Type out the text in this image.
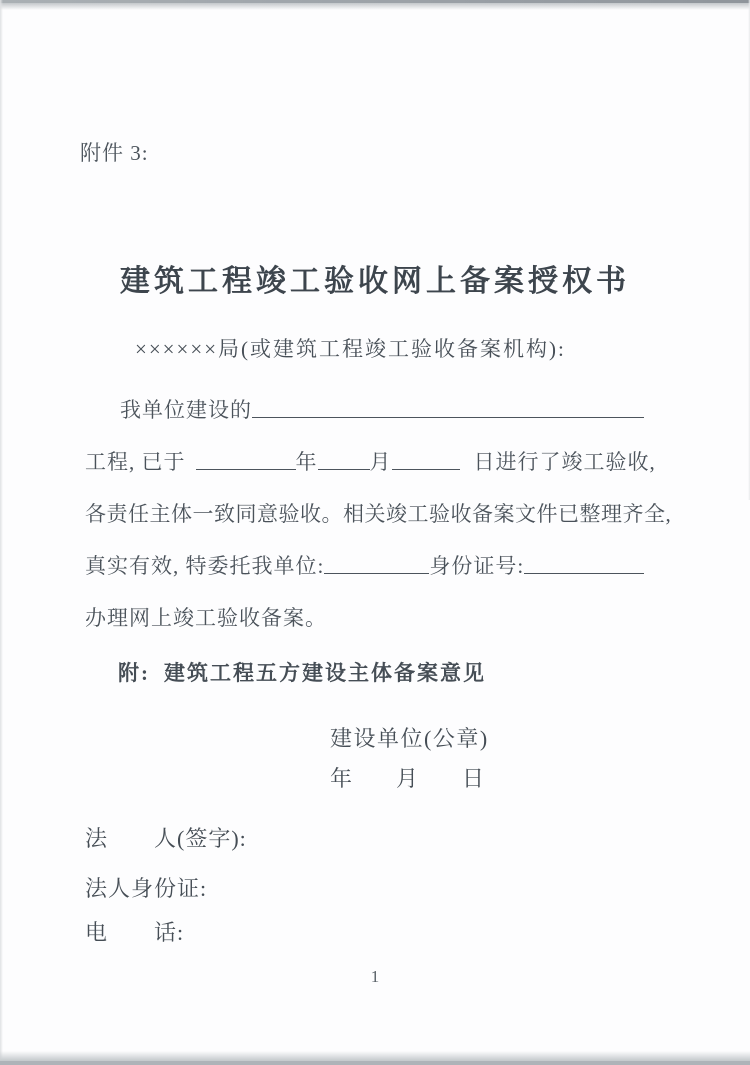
附件 3:
建筑工程竣工验收网上备案授权书
××××××局(或建筑工程竣工验收备案机构):
我单位建设的
工程, 已于	年 月	日进行了竣工验收,
各责任主体一致同意验收。相关竣工验收备案文件已整理齐全,
真实有效, 特委托我单位:	身份证号:
办理网上竣工验收备案。
附: 建筑工程五方建设主体备案意见
建设单位(公章)
年　　月　　日
法　　人(签字):
法人身份证:
电　　话:
1
